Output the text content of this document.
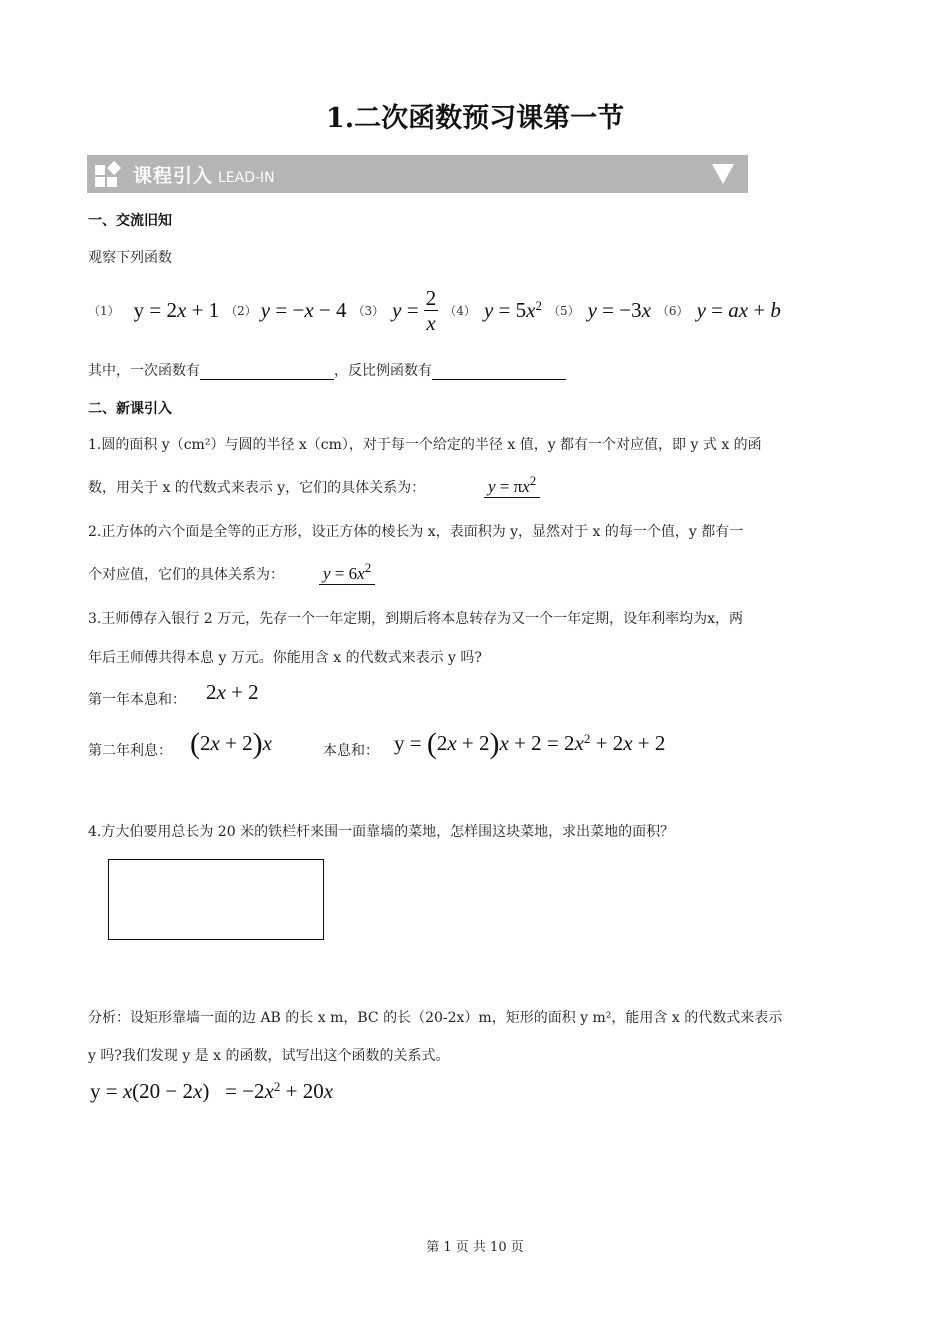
1.二次函数预习课第一节
课程引入 LEAD-IN
一、交流旧知
观察下列函数
（1） y = 2x + 1 （2） y = −x − 4 （3） $y = \frac{2}{x} (4) y = 5x^2$ （5） y = −3x （6） y = ax + b
其中，一次函数有	，反比例函数有
二、新课引入
1.圆的面积 y（cm²）与圆的半径 x（cm），对于每一个给定的半径 x 值，y 都有一个对应值，即 y 式 x 的函
数，用关于 x 的代数式来表示 y，它们的具体关系为：	$y = \pi x^2$
2.正方体的六个面是全等的正方形，设正方体的棱长为 x，表面积为 y，显然对于 x 的每一个值，y 都有一
个对应值，它们的具体关系为： $y = 6x^2$
3.王师傅存入银行 2 万元，先存一个一年定期，到期后将本息转存为又一个一年定期，设年利率均为x，两
年后王师傅共得本息 y 万元。你能用含 x 的代数式来表示 y 吗?
第一年本息和： 2x + 2
第二年利息： (2x + 2)x	本息和： $y = (2x + 2)x + 2 = 2x^2 + 2x + 2$
4.方大伯要用总长为 20 米的铁栏杆来围一面靠墙的菜地，怎样围这块菜地，求出菜地的面积？
分析：设矩形靠墙一面的边 AB 的长 x m，BC 的长（20-2x）m，矩形的面积 y m²，能用含 x 的代数式来表示
y 吗?我们发现 y 是 x 的函数，试写出这个函数的关系式。
$y = x(20 - 2x) = -2x^2 + 20x$
第 1 页 共 10 页
